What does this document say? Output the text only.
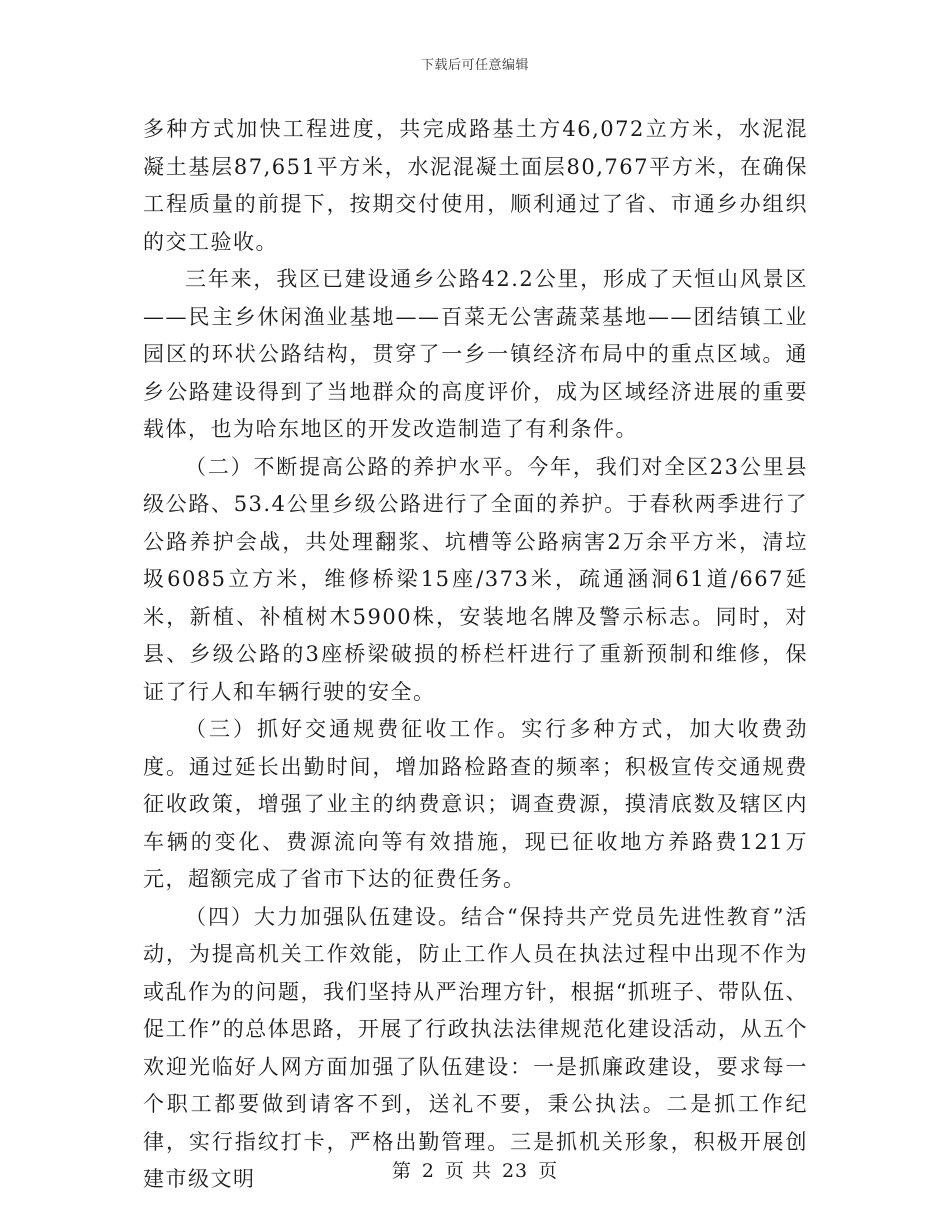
下载后可任意编辑

多种方式加快工程进度，共完成路基土方46,072立方米，水泥混凝土基层87,651平方米，水泥混凝土面层80,767平方米，在确保工程质量的前提下，按期交付使用，顺利通过了省、市通乡办组织的交工验收。

三年来，我区已建设通乡公路42.2公里，形成了天恒山风景区——民主乡休闲渔业基地——百菜无公害蔬菜基地——团结镇工业园区的环状公路结构，贯穿了一乡一镇经济布局中的重点区域。通乡公路建设得到了当地群众的高度评价，成为区域经济进展的重要载体，也为哈东地区的开发改造制造了有利条件。

（二）不断提高公路的养护水平。今年，我们对全区23公里县级公路、53.4公里乡级公路进行了全面的养护。于春秋两季进行了公路养护会战，共处理翻浆、坑槽等公路病害2万余平方米，清垃圾6085立方米，维修桥梁15座/373米，疏通涵洞61道/667延米，新植、补植树木5900株，安装地名牌及警示标志。同时，对县、乡级公路的3座桥梁破损的桥栏杆进行了重新预制和维修，保证了行人和车辆行驶的安全。

（三）抓好交通规费征收工作。实行多种方式，加大收费劲度。通过延长出勤时间，增加路检路查的频率；积极宣传交通规费征收政策，增强了业主的纳费意识；调查费源，摸清底数及辖区内车辆的变化、费源流向等有效措施，现已征收地方养路费121万元，超额完成了省市下达的征费任务。

（四）大力加强队伍建设。结合“保持共产党员先进性教育”活动，为提高机关工作效能，防止工作人员在执法过程中出现不作为或乱作为的问题，我们坚持从严治理方针，根据“抓班子、带队伍、促工作”的总体思路，开展了行政执法法律规范化建设活动，从五个欢迎光临好人网方面加强了队伍建设：一是抓廉政建设，要求每一个职工都要做到请客不到，送礼不要，秉公执法。二是抓工作纪律，实行指纹打卡，严格出勤管理。三是抓机关形象，积极开展创建市级文明	第 2 页 共 23 页
